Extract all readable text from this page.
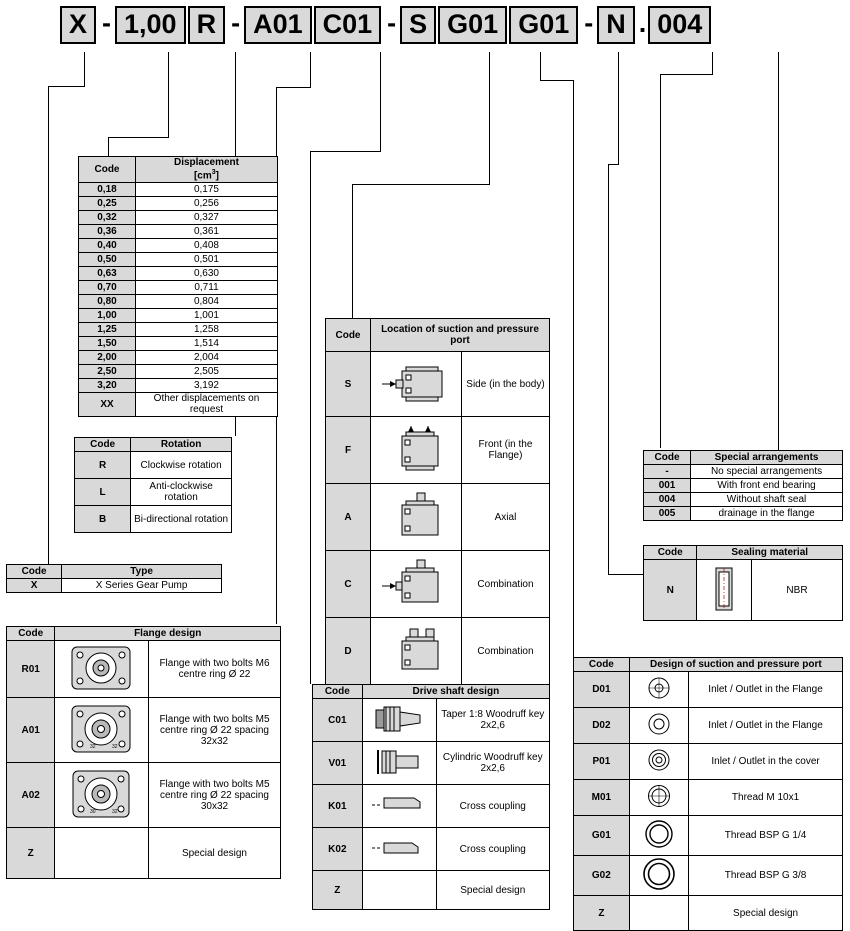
X - 1,00 R - A01 C01 - S G01 G01 - N . 004
Code	Displacement
$[cm^3]$
0,18	0,175
0,25	0,256
0,32	0,327
0,36	0,361
0,40	0,408
0,50	0,501
0,63	0,630
0,70	0,711
0,80	0,804
1,00	1,001
1,25	1,258
1,50	1,514
2,00	2,004
2,50	2,505
3,20	3,192
XX	Other displacements on request
Code	Rotation
R	Clockwise rotation
L	Anti-clockwise rotation
B	Bi-directional rotation
Code	Type
X	X Series Gear Pump
Code	Flange design	
R01		Flange with two bolts M6 centre ring Ø 22
A01	32 32	Flange with two bolts M5 centre ring Ø 22 spacing 32x32
A02	30 32	Flange with two bolts M5 centre ring Ø 22 spacing 30x32
Z		Special design
Code	Location of suction and pressure port	
S		Side (in the body)
F		Front (in the Flange)
A		Axial
C		Combination
D		Combination
Code	Drive shaft design	
C01		Taper 1:8 Woodruff key 2x2,6
V01		Cylindric Woodruff key 2x2,6
K01		Cross coupling
K02		Cross coupling
Z		Special design
Code	Design of suction and pressure port	
D01		Inlet / Outlet in the Flange
D02		Inlet / Outlet in the Flange
P01		Inlet / Outlet in the cover
M01		Thread M 10x1
G01		Thread BSP G 1/4
G02		Thread BSP G 3/8
Z		Special design
Code	Sealing material	
N		NBR
Code	Special arrangements
-	No special arrangements
001	With front end bearing
004	Without shaft seal
005	drainage in the flange
